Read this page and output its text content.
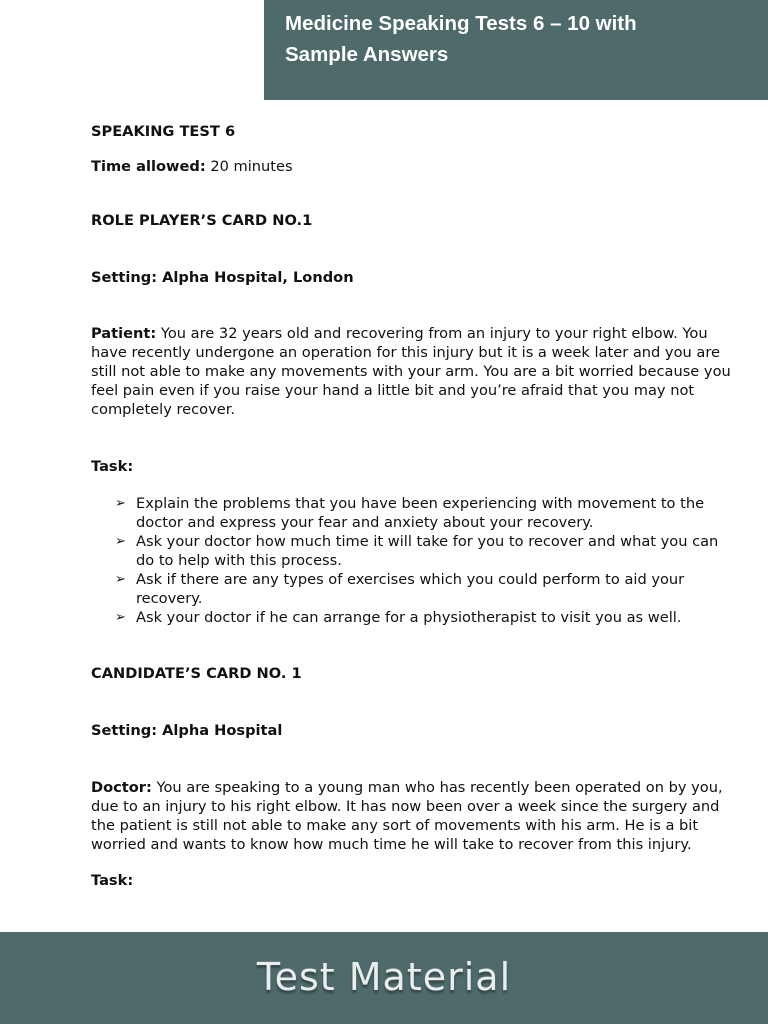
Medicine Speaking Tests 6 – 10 with
Sample Answers

SPEAKING TEST 6

Time allowed: 20 minutes

ROLE PLAYER’S CARD NO.1

Setting: Alpha Hospital, London

Patient: You are 32 years old and recovering from an injury to your right elbow. You have recently undergone an operation for this injury but it is a week later and you are still not able to make any movements with your arm. You are a bit worried because you feel pain even if you raise your hand a little bit and you’re afraid that you may not completely recover.

Task:

➢ Explain the problems that you have been experiencing with movement to the doctor and express your fear and anxiety about your recovery.
➢ Ask your doctor how much time it will take for you to recover and what you can do to help with this process.
➢ Ask if there are any types of exercises which you could perform to aid your recovery.
➢ Ask your doctor if he can arrange for a physiotherapist to visit you as well.

CANDIDATE’S CARD NO. 1

Setting: Alpha Hospital

Doctor: You are speaking to a young man who has recently been operated on by you, due to an injury to his right elbow. It has now been over a week since the surgery and the patient is still not able to make any sort of movements with his arm. He is a bit worried and wants to know how much time he will take to recover from this injury.

Task:

Test Material
